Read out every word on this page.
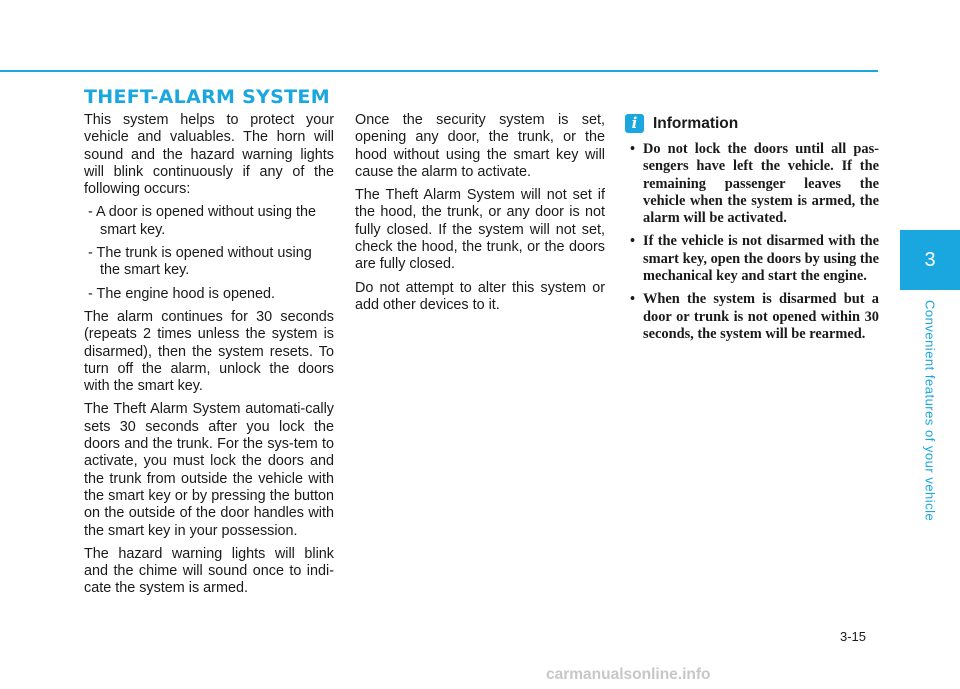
THEFT-ALARM SYSTEM

This system helps to protect your vehicle and valuables. The horn will sound and the hazard warning lights will blink continuously if any of the following occurs:

- A door is opened without using the smart key.
- The trunk is opened without using the smart key.
- The engine hood is opened.

The alarm continues for 30 seconds (repeats 2 times unless the system is disarmed), then the system resets. To turn off the alarm, unlock the doors with the smart key.

The Theft Alarm System automati-cally sets 30 seconds after you lock the doors and the trunk. For the sys-tem to activate, you must lock the doors and the trunk from outside the vehicle with the smart key or by pressing the button on the outside of the door handles with the smart key in your possession.

The hazard warning lights will blink and the chime will sound once to indi-cate the system is armed.

Once the security system is set, opening any door, the trunk, or the hood without using the smart key will cause the alarm to activate.

The Theft Alarm System will not set if the hood, the trunk, or any door is not fully closed. If the system will not set, check the hood, the trunk, or the doors are fully closed.

Do not attempt to alter this system or add other devices to it.

i	Information
• Do not lock the doors until all pas-sengers have left the vehicle. If the remaining passenger leaves the vehicle when the system is armed, the alarm will be activated.
• If the vehicle is not disarmed with the smart key, open the doors by using the mechanical key and start the engine.
• When the system is disarmed but a door or trunk is not opened within 30 seconds, the system will be rearmed.
3
Convenient features of your vehicle
3-15
carmanualsonline.info
